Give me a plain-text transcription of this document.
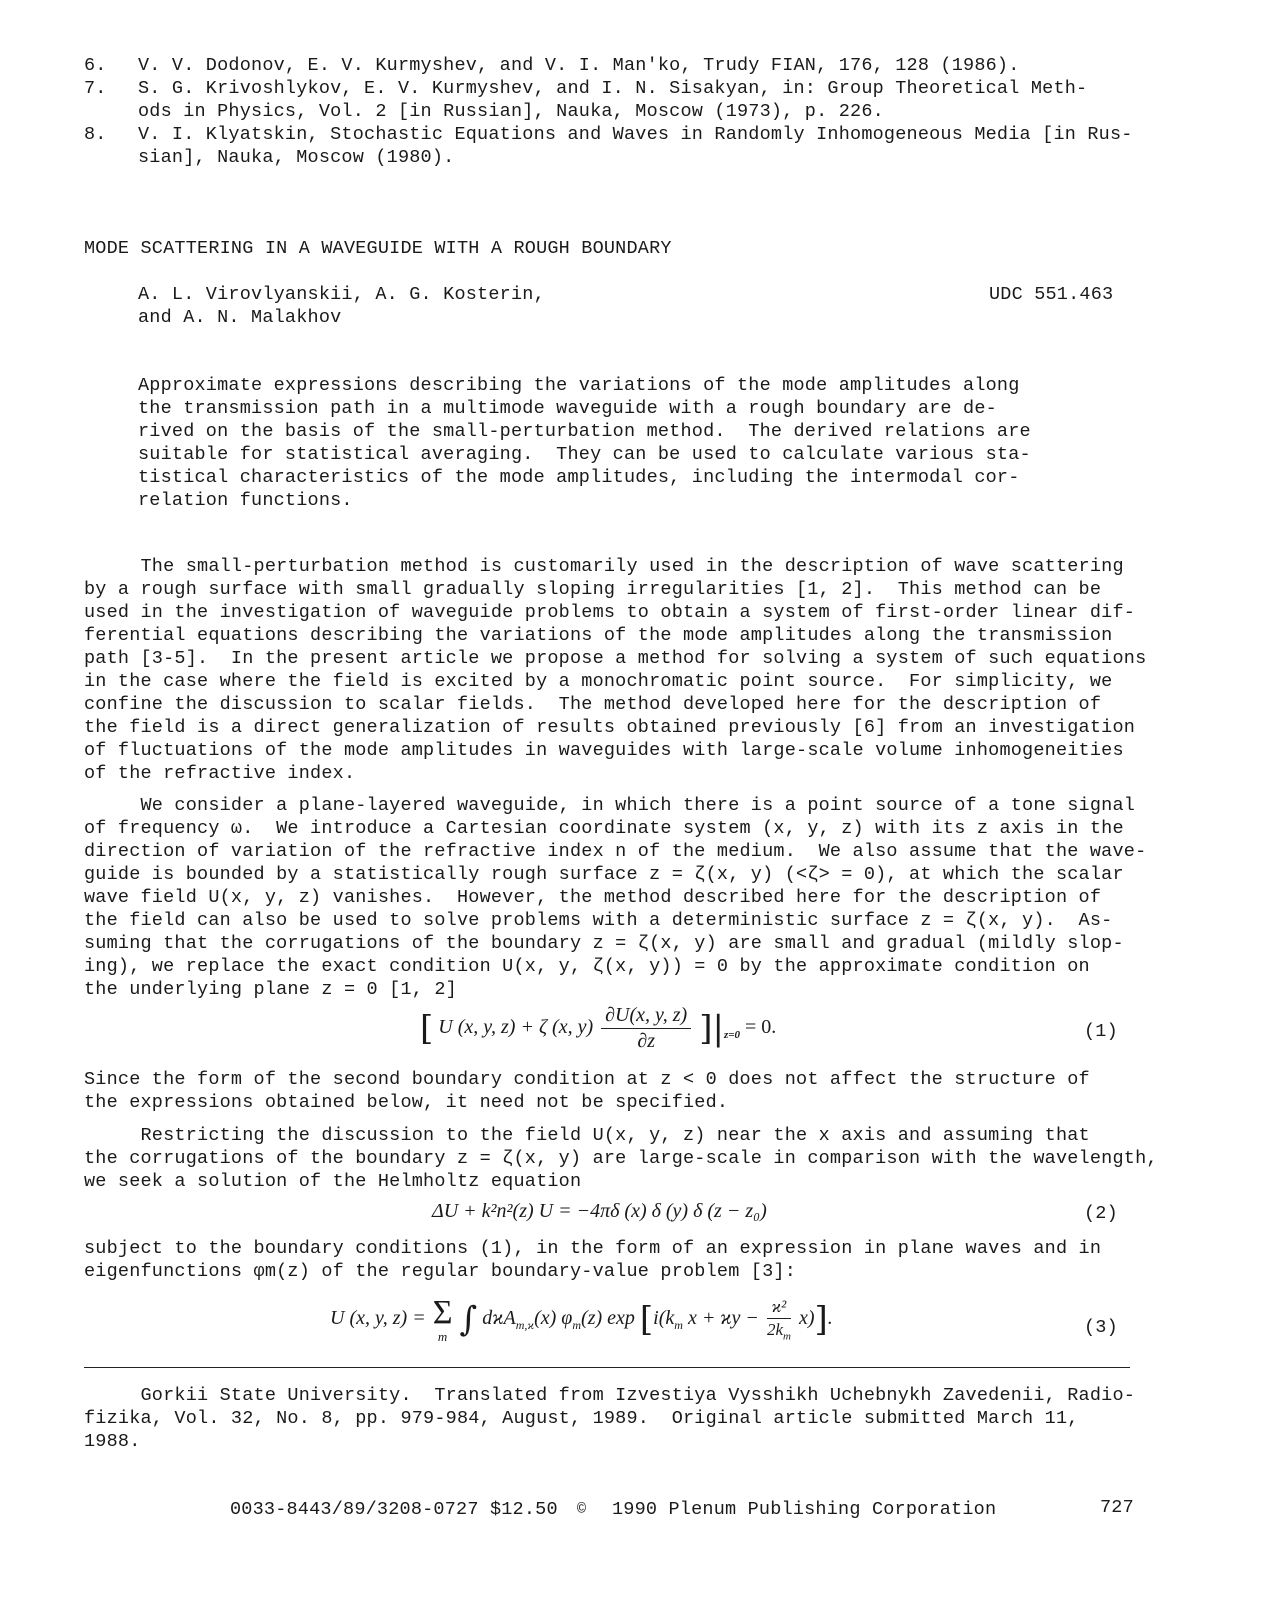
6. V. V. Dodonov, E. V. Kurmyshev, and V. I. Man'ko, Trudy FIAN, 176, 128 (1986).
7. S. G. Krivoshlykov, E. V. Kurmyshev, and I. N. Sisakyan, in: Group Theoretical Meth-
ods in Physics, Vol. 2 [in Russian], Nauka, Moscow (1973), p. 226.
8. V. I. Klyatskin, Stochastic Equations and Waves in Randomly Inhomogeneous Media [in Rus-
sian], Nauka, Moscow (1980).
MODE SCATTERING IN A WAVEGUIDE WITH A ROUGH BOUNDARY
A. L. Virovlyanskii, A. G. Kosterin,
and A. N. Malakhov
UDC 551.463
Approximate expressions describing the variations of the mode amplitudes along
the transmission path in a multimode waveguide with a rough boundary are de-
rived on the basis of the small-perturbation method.  The derived relations are
suitable for statistical averaging.  They can be used to calculate various sta-
tistical characteristics of the mode amplitudes, including the intermodal cor-
relation functions.
The small-perturbation method is customarily used in the description of wave scattering
by a rough surface with small gradually sloping irregularities [1, 2].  This method can be
used in the investigation of waveguide problems to obtain a system of first-order linear dif-
ferential equations describing the variations of the mode amplitudes along the transmission
path [3-5].  In the present article we propose a method for solving a system of such equations
in the case where the field is excited by a monochromatic point source.  For simplicity, we
confine the discussion to scalar fields.  The method developed here for the description of
the field is a direct generalization of results obtained previously [6] from an investigation
of fluctuations of the mode amplitudes in waveguides with large-scale volume inhomogeneities
of the refractive index.
We consider a plane-layered waveguide, in which there is a point source of a tone signal
of frequency ω.  We introduce a Cartesian coordinate system (x, y, z) with its z axis in the
direction of variation of the refractive index n of the medium.  We also assume that the wave-
guide is bounded by a statistically rough surface z = ζ(x, y) (<ζ> = 0), at which the scalar
wave field U(x, y, z) vanishes.  However, the method described here for the description of
the field can also be used to solve problems with a deterministic surface z = ζ(x, y).  As-
suming that the corrugations of the boundary z = ζ(x, y) are small and gradual (mildly slop-
ing), we replace the exact condition U(x, y, ζ(x, y)) = 0 by the approximate condition on
the underlying plane z = 0 [1, 2]
[ U (x, y, z) + ζ (x, $y) \frac{\partial U(x, y, z)}{\partial z} ]|_{z=0} = 0$.	(1)
Since the form of the second boundary condition at z < 0 does not affect the structure of
the expressions obtained below, it need not be specified.
Restricting the discussion to the field U(x, y, z) near the x axis and assuming that
the corrugations of the boundary z = ζ(x, y) are large-scale in comparison with the wavelength,
we seek a solution of the Helmholtz equation
ΔU + k²n²(z) U = −4πδ (x) δ (y) δ (z − z₀)	(2)
subject to the boundary conditions (1), in the form of an expression in plane waves and in
eigenfunctions φm(z) of the regular boundary-value problem [3]:
U (x, y, z) = Σ
m ∫ dϰA$_{m,ϰ}$(x) $\varphi_m(z)$ $\exp [i(k_m$ $x + ϰy - \frac{\text{ϰ²}}{2k_m} x$)].	(3)
Gorkii State University.  Translated from Izvestiya Vysshikh Uchebnykh Zavedenii, Radio-
fizika, Vol. 32, No. 8, pp. 979-984, August, 1989.  Original article submitted March 11,
1988.
0033-8443/89/3208-0727 $12.50 © 1990 Plenum Publishing Corporation	727
